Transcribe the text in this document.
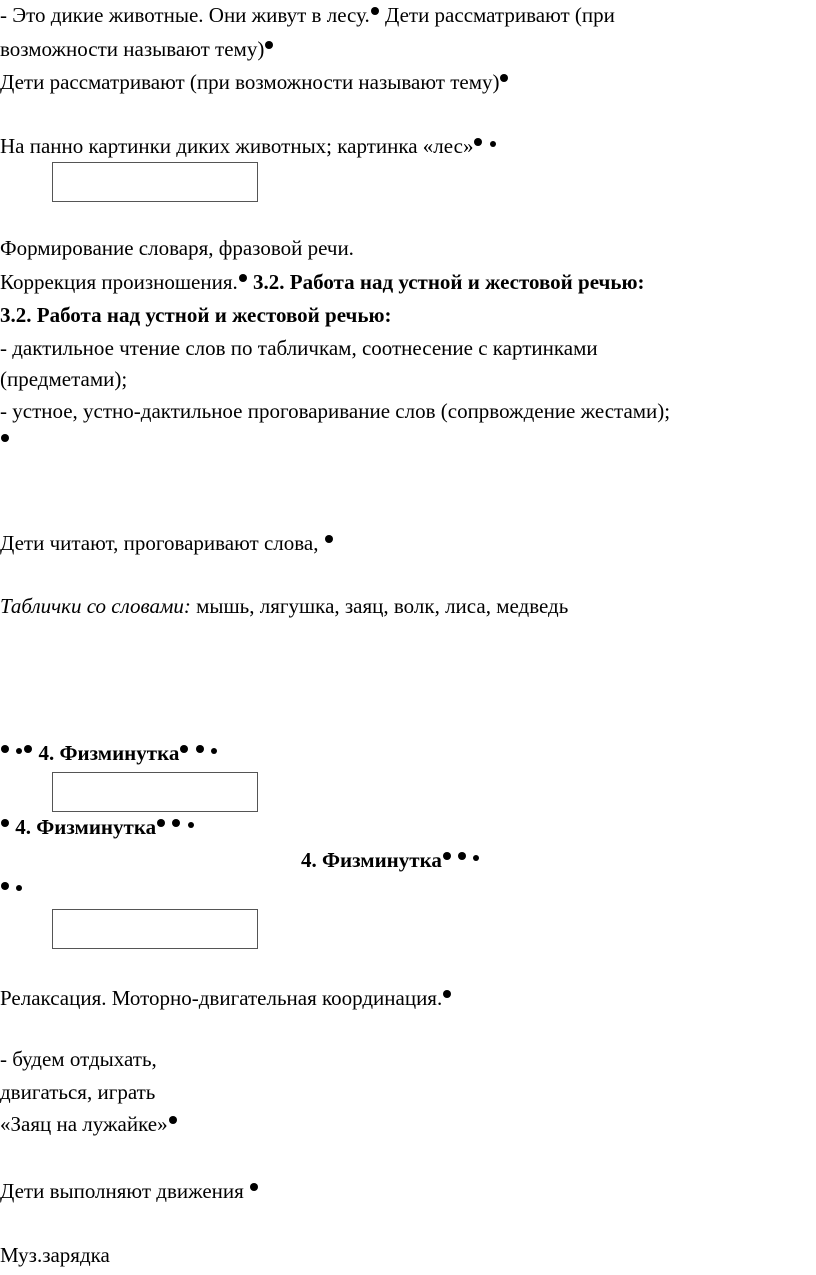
- Это дикие животные. Они живут в лесу. Дети рассматривают (при
возможности называют тему)
Дети рассматривают (при возможности называют тему)
На панно картинки диких животных; картинка «лес»
Формирование словаря, фразовой речи.
Коррекция произношения. 3.2. Работа над устной и жестовой речью:
3.2. Работа над устной и жестовой речью:
- дактильное чтение слов по табличкам, соотнесение с картинками
(предметами);
- устное, устно-дактильное проговаривание слов (сопрвождение жестами);
Дети читают, проговаривают слова,
Таблички со словами: мышь, лягушка, заяц, волк, лиса, медведь
4. Физминутка
4. Физминутка
4. Физминутка

Релаксация. Моторно-двигательная координация.
- будем отдыхать,
двигаться, играть
«Заяц на лужайке»
Дети выполняют движения
Муз.зарядка
